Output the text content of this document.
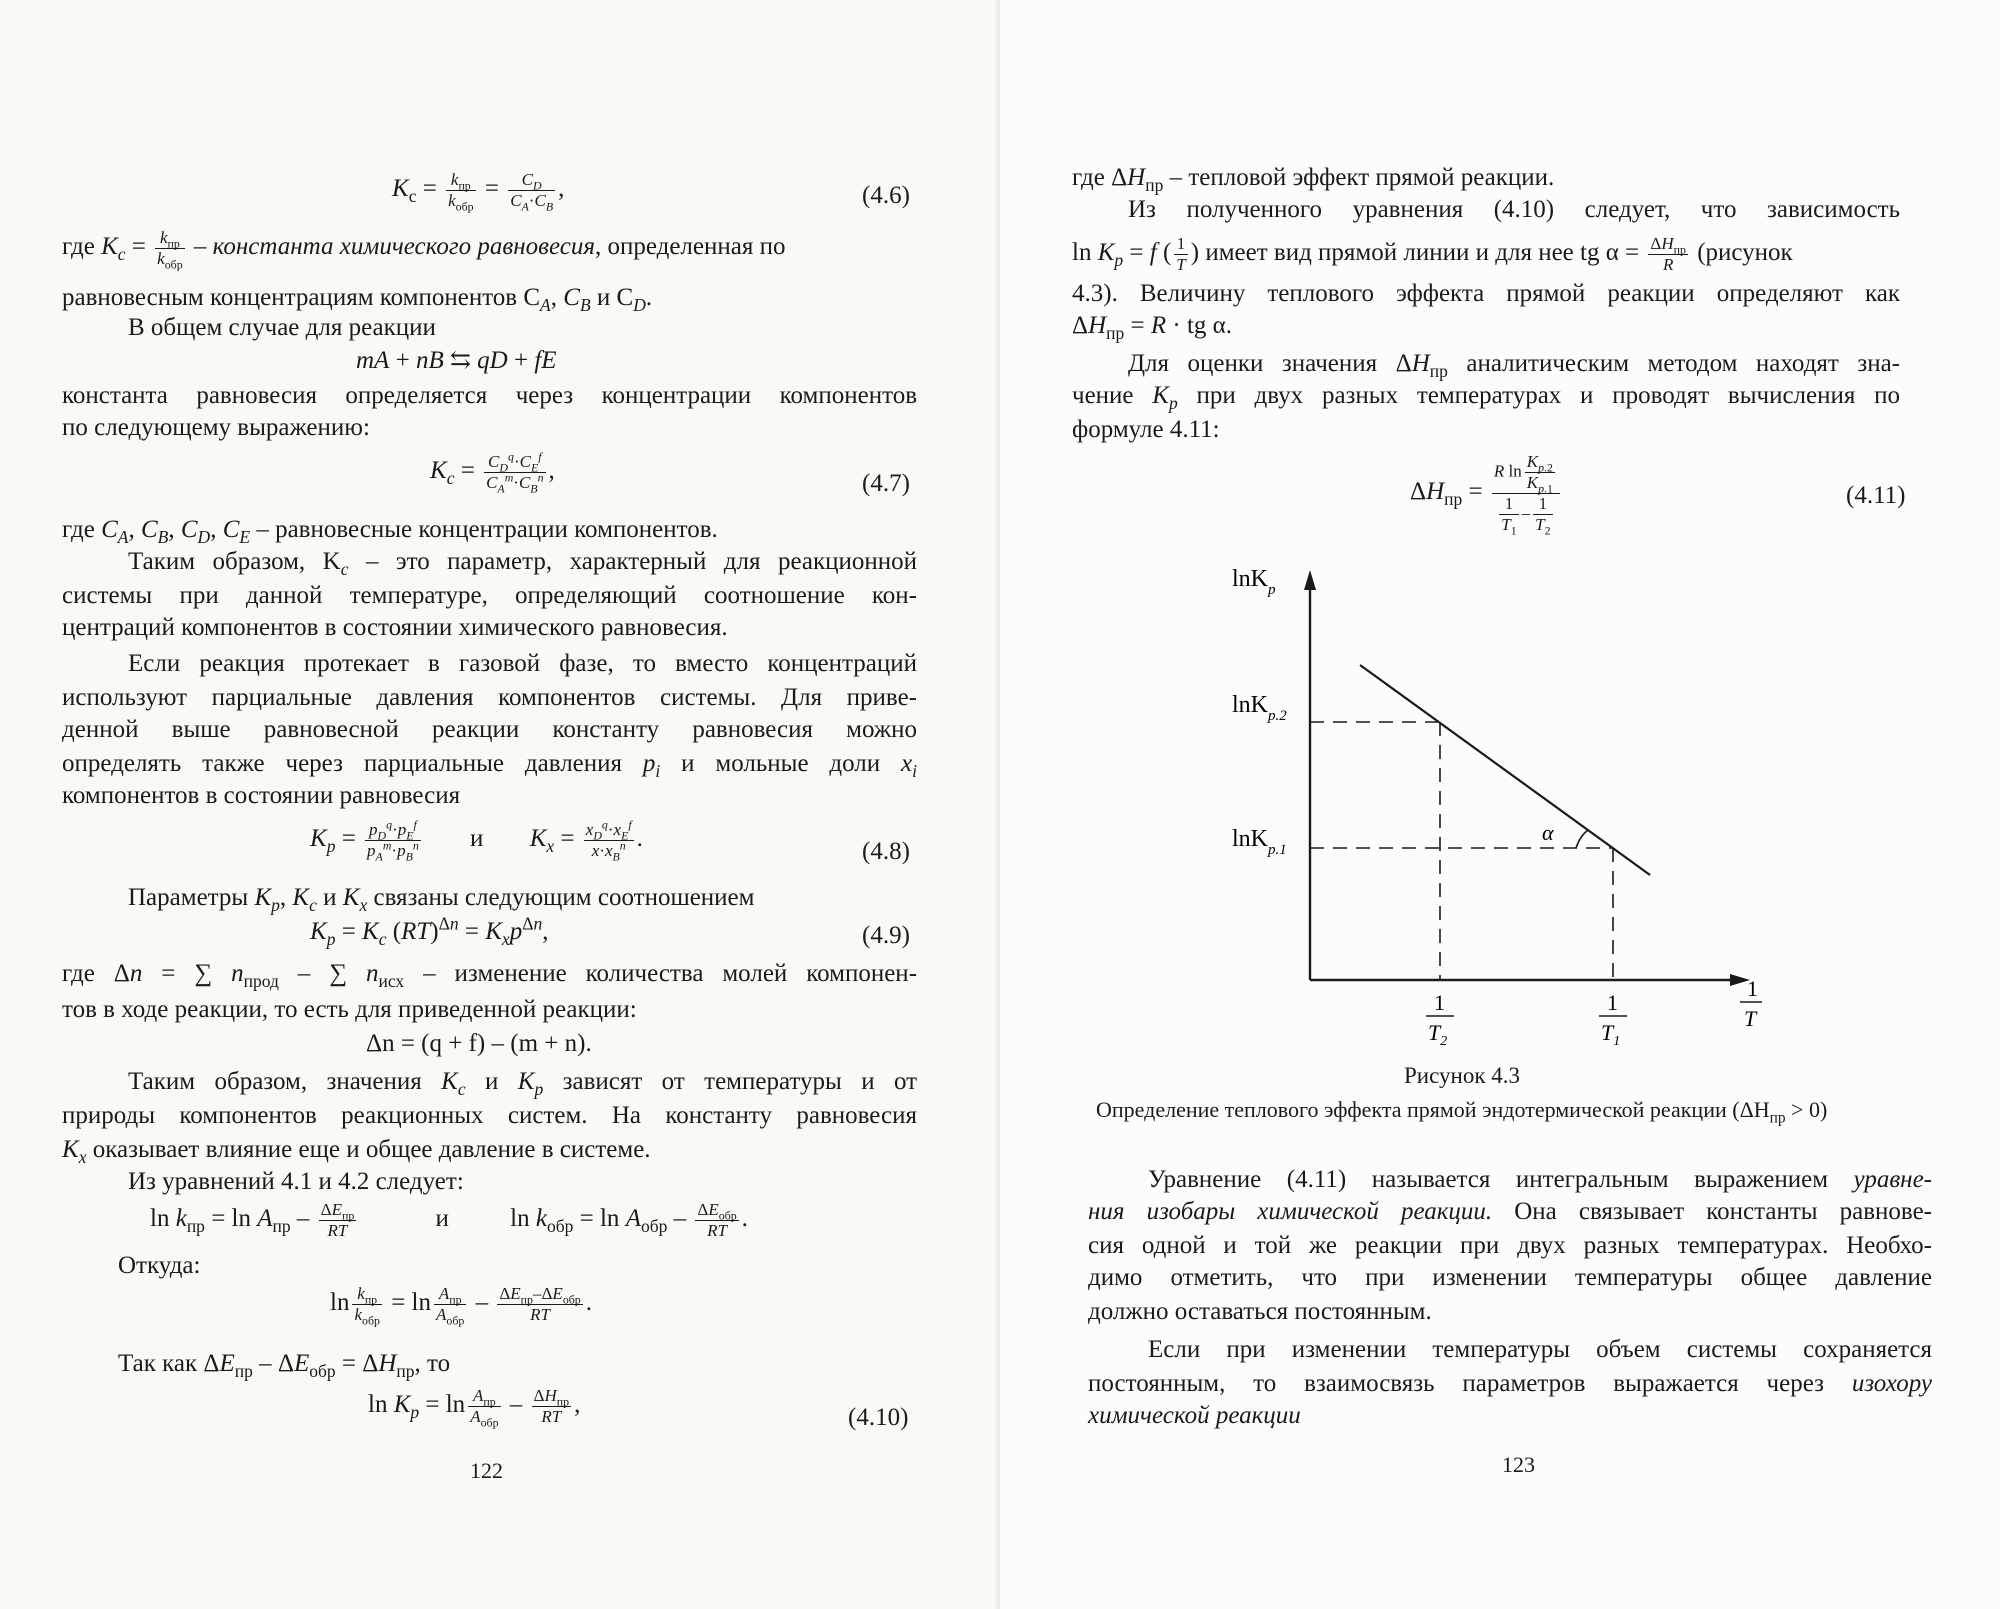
$K_c = \frac{k_{пр}}{k_{обр}} = \frac{C_D}{C_A\cdot C_B}$ ,	(4.6)
где $K_c = \frac{k_{пр}}{k_{обр}}$ – константа химического равновесия, определенная по
равновесным концентрациям компонентов $C_A$, $C_B$ и $C_D$.
В общем случае для реакции
mA + nB ⇆ qD + fE
константа равновесия определяется через концентрации компонентов
по следующему выражению:
$K_c = \frac{C_D^q\cdot C_E^f}{C_A^m\cdot C_B^n}$ ,	(4.7)
где $C_A$, $C_B$, $C_D$, $C_E$ – равновесные концентрации компонентов.
Таким образом, $K_c$ – это параметр, характерный для реакционной
системы при данной температуре, определяющий соотношение кон-
центраций компонентов в состоянии химического равновесия.
Если реакция протекает в газовой фазе, то вместо концентраций
используют парциальные давления компонентов системы. Для приве-
денной выше равновесной реакции константу равновесия можно
определять также через парциальные давления $p_i$ и мольные доли $x_i$
компонентов в состоянии равновесия
$K_p = \frac{p_D^q\cdot p_E^f}{p_A^m\cdot p_B^n}$ и $K_x = \frac{x_D^q\cdot x_E^f}{x\cdot x_B^n}$ .	(4.8)
Параметры $K_p$, $K_c$ и $K_x$ связаны следующим соотношением
$K_p = K_c$ $(RT)^{\Delta n} = K_xp^{\Delta n}$,	(4.9)
где Δn = ∑ $n_{прод}$ – ∑ $n_{исх}$ – изменение количества молей компонен-
тов в ходе реакции, то есть для приведенной реакции:
Δn = (q + f) – (m + n).
Таким образом, значения $K_c$ и $K_p$ зависят от температуры и от
природы компонентов реакционных систем. На константу равновесия
$K_x$ оказывает влияние еще и общее давление в системе.
Из уравнений 4.1 и 4.2 следует:
$\ln k_{пр} = \ln A_{пр} - \frac{\Delta E_{пр}}{RT}$	и $\ln k_{обр} = \ln A_{обр} - \frac{\Delta E_{обр}}{RT}$ .
Откуда:
$\ln \frac{k_{пр}}{k_{обр}} = \ln \frac{A_{пр}}{A_{обр}} - \frac{\Delta E_{пр}-\Delta E_{обр}}{RT}$ .
Так как $\Delta E_{пр} - \Delta E_{обр} = \Delta H_{пр}$, то
$\ln K_p = \ln \frac{A_{пр}}{A_{обр}} - \frac{\Delta H_{пр}}{RT}$ ,	(4.10)
122
где $\Delta H_{пр}$ – тепловой эффект прямой реакции.
Из полученного уравнения (4.10) следует, что зависимость
$\ln K_p = f$ ( $\frac{1}{T}$ ) имеет вид прямой линии и для нее tg $\alpha = \frac{\Delta H_{пр}}{R}$ (рисунок
4.3). Величину теплового эффекта прямой реакции определяют как
$\Delta H_{пр} = R$ · tg α.
Для оценки значения $\Delta H_{пр}$ аналитическим методом находят зна-
чение $K_p$ при двух разных температурах и проводят вычисления по
формуле 4.11:
$\Delta H_{пр} = \frac{R \ln \frac{K_{p.2}}{K_{p.1}}}{\frac{1}{T_1} - \frac{1}{T_2}}$	(4.11)
lnK$_p$
lnK$_{p.2}$
lnK$_{p.1}$
α
1
$T_2$
1
$T_1$
1
T
Рисунок 4.3
Определение теплового эффекта прямой эндотермической реакции $(\Delta H_{пр} > 0)$
Уравнение (4.11) называется интегральным выражением уравне-
ния изобары химической реакции. Она связывает константы равнове-
сия одной и той же реакции при двух разных температурах. Необхо-
димо отметить, что при изменении температуры общее давление
должно оставаться постоянным.
Если при изменении температуры объем системы сохраняется
постоянным, то взаимосвязь параметров выражается через изохору
химической реакции
123
